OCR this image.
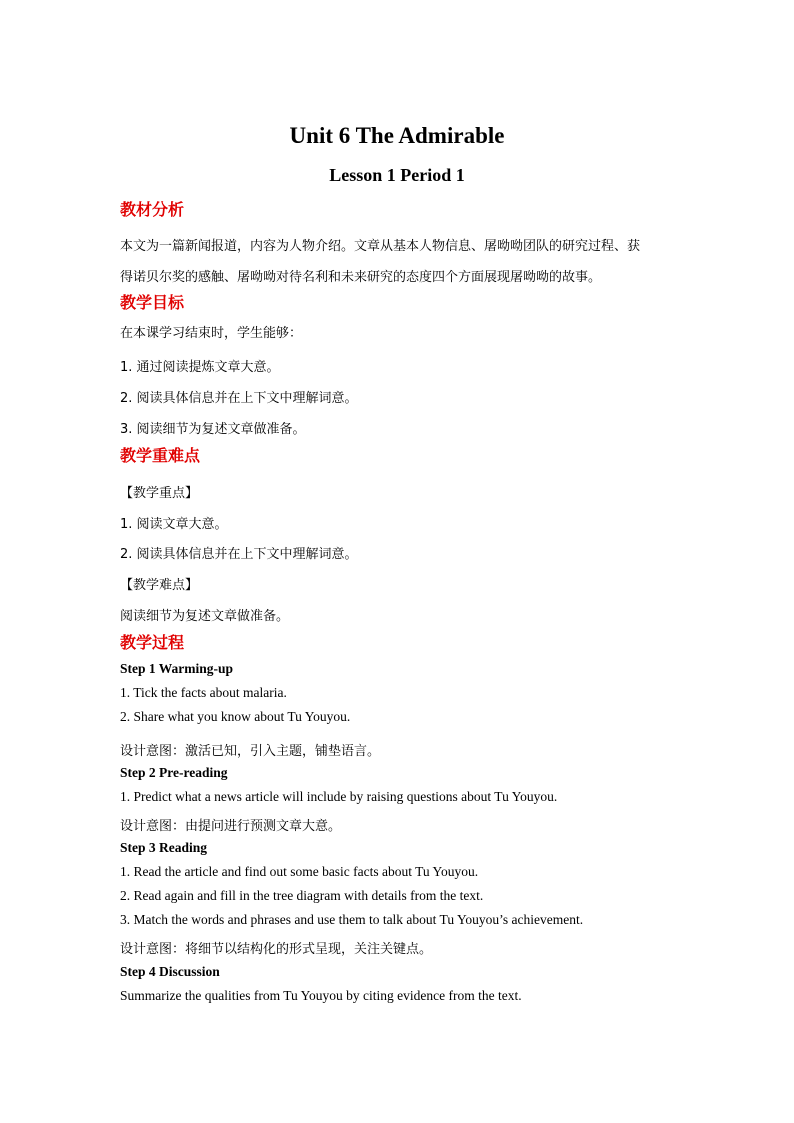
Unit 6 The Admirable
Lesson 1 Period 1
教材分析
本文为一篇新闻报道，内容为人物介绍。文章从基本人物信息、屠呦呦团队的研究过程、获
得诺贝尔奖的感触、屠呦呦对待名利和未来研究的态度四个方面展现屠呦呦的故事。
教学目标
在本课学习结束时，学生能够：
1. 通过阅读提炼文章大意。
2. 阅读具体信息并在上下文中理解词意。
3. 阅读细节为复述文章做准备。
教学重难点
【教学重点】
1. 阅读文章大意。
2. 阅读具体信息并在上下文中理解词意。
【教学难点】
阅读细节为复述文章做准备。
教学过程
Step 1 Warming-up
1. Tick the facts about malaria.
2. Share what you know about Tu Youyou.
设计意图：激活已知，引入主题，铺垫语言。
Step 2 Pre-reading
1. Predict what a news article will include by raising questions about Tu Youyou.
设计意图：由提问进行预测文章大意。
Step 3 Reading
1. Read the article and find out some basic facts about Tu Youyou.
2. Read again and fill in the tree diagram with details from the text.
3. Match the words and phrases and use them to talk about Tu Youyou’s achievement.
设计意图：将细节以结构化的形式呈现，关注关键点。
Step 4 Discussion
Summarize the qualities from Tu Youyou by citing evidence from the text.
